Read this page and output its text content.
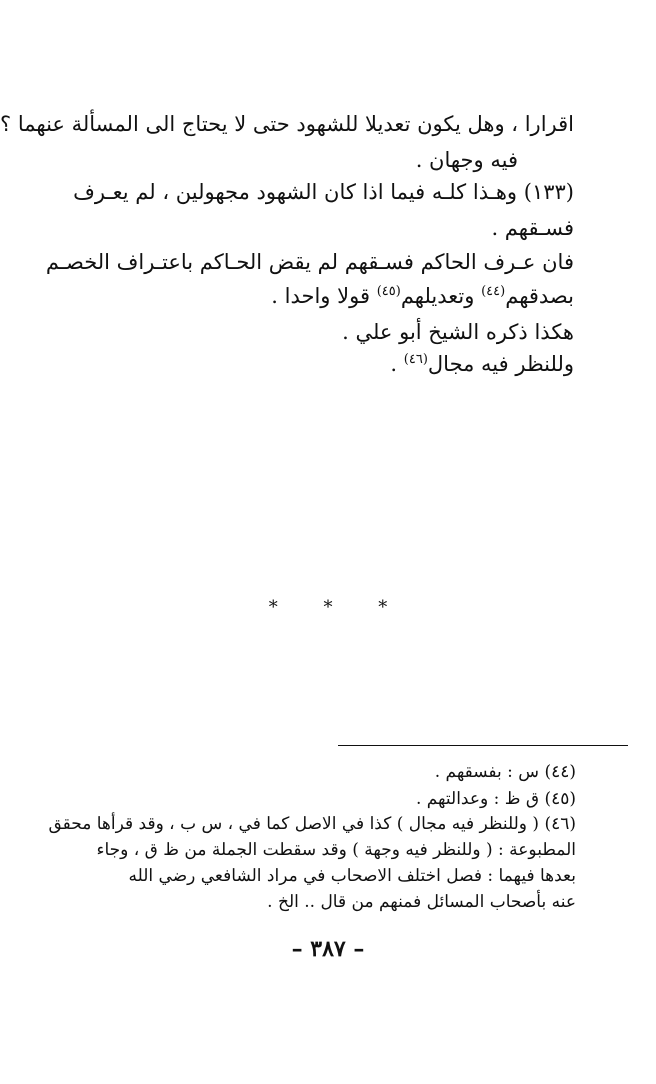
اقرارا ، وهل يكون تعديلا للشهود حتى لا يحتاج الى المسألة عنهما ؟
فيه وجهان .
(١٣٣) وهـذا كلـه فيما اذا كان الشهود مجهولين ، لم يعـرف
فسـقهم .
فان عـرف الحاكم فسـقهم لم يقض الحـاكم باعتـراف الخصـم
بصدقهم$^{(٤٤)}$ وتعديلهم$^{(٤٥)}$ قولا واحدا .
هكذا ذكره الشيخ أبو علي .
وللنظر فيه مجال$^{(٤٦)}$ .
* * *
(٤٤) س : بفسقهم .
(٤٥) ق ظ : وعدالتهم .
(٤٦) ( وللنظر فيه مجال ) كذا في الاصل كما في ، س ب ، وقد قرأها محقق
المطبوعة : ( وللنظر فيه وجهة ) وقد سقطت الجملة من ظ ق ، وجاء
بعدها فيهما : فصل اختلف الاصحاب في مراد الشافعي رضي الله
عنه بأصحاب المسائل فمنهم من قال .. الخ .
– ٣٨٧ –
